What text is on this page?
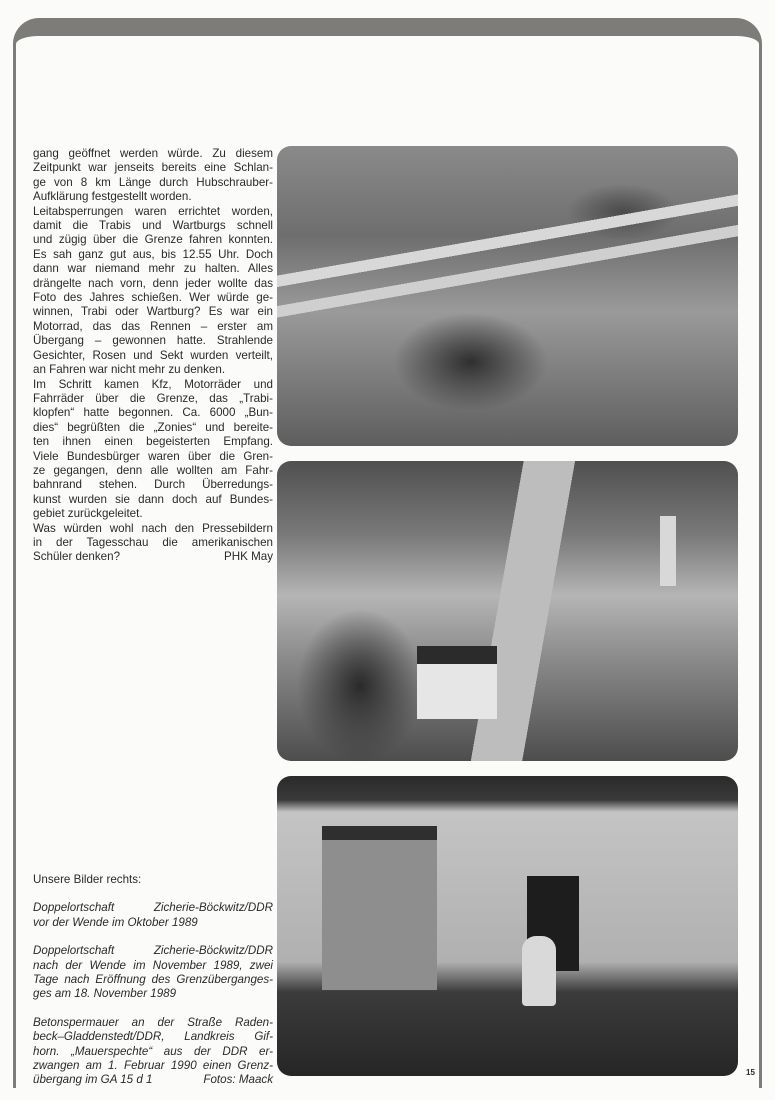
gang geöffnet werden würde. Zu diesem
Zeitpunkt war jenseits bereits eine Schlan-
ge von 8 km Länge durch Hubschrauber-
Aufklärung festgestellt worden.
Leitabsperrungen waren errichtet worden,
damit die Trabis und Wartburgs schnell
und zügig über die Grenze fahren konnten.
Es sah ganz gut aus, bis 12.55 Uhr. Doch
dann war niemand mehr zu halten. Alles
drängelte nach vorn, denn jeder wollte das
Foto des Jahres schießen. Wer würde ge-
winnen, Trabi oder Wartburg? Es war ein
Motorrad, das das Rennen – erster am
Übergang – gewonnen hatte. Strahlende
Gesichter, Rosen und Sekt wurden verteilt,
an Fahren war nicht mehr zu denken.
Im Schritt kamen Kfz, Motorräder und
Fahrräder über die Grenze, das „Trabi-
klopfen“ hatte begonnen. Ca. 6000 „Bun-
dies“ begrüßten die „Zonies“ und bereite-
ten ihnen einen begeisterten Empfang.
Viele Bundesbürger waren über die Gren-
ze gegangen, denn alle wollten am Fahr-
bahnrand stehen. Durch Überredungs-
kunst wurden sie dann doch auf Bundes-
gebiet zurückgeleitet.
Was würden wohl nach den Pressebildern
in der Tagesschau die amerikanischen
Schüler denken?	PHK May
Unsere Bilder rechts:
Doppelortschaft Zicherie-Böckwitz/DDR
vor der Wende im Oktober 1989
Doppelortschaft Zicherie-Böckwitz/DDR
nach der Wende im November 1989, zwei
Tage nach Eröffnung des Grenzüberganges-
ges am 18. November 1989
Betonspermauer an der Straße Raden-
beck–Gladdenstedt/DDR, Landkreis Gif-
horn. „Mauerspechte“ aus der DDR er-
zwangen am 1. Februar 1990 einen Grenz-
übergang im GA 15 d 1	Fotos: Maack
15
